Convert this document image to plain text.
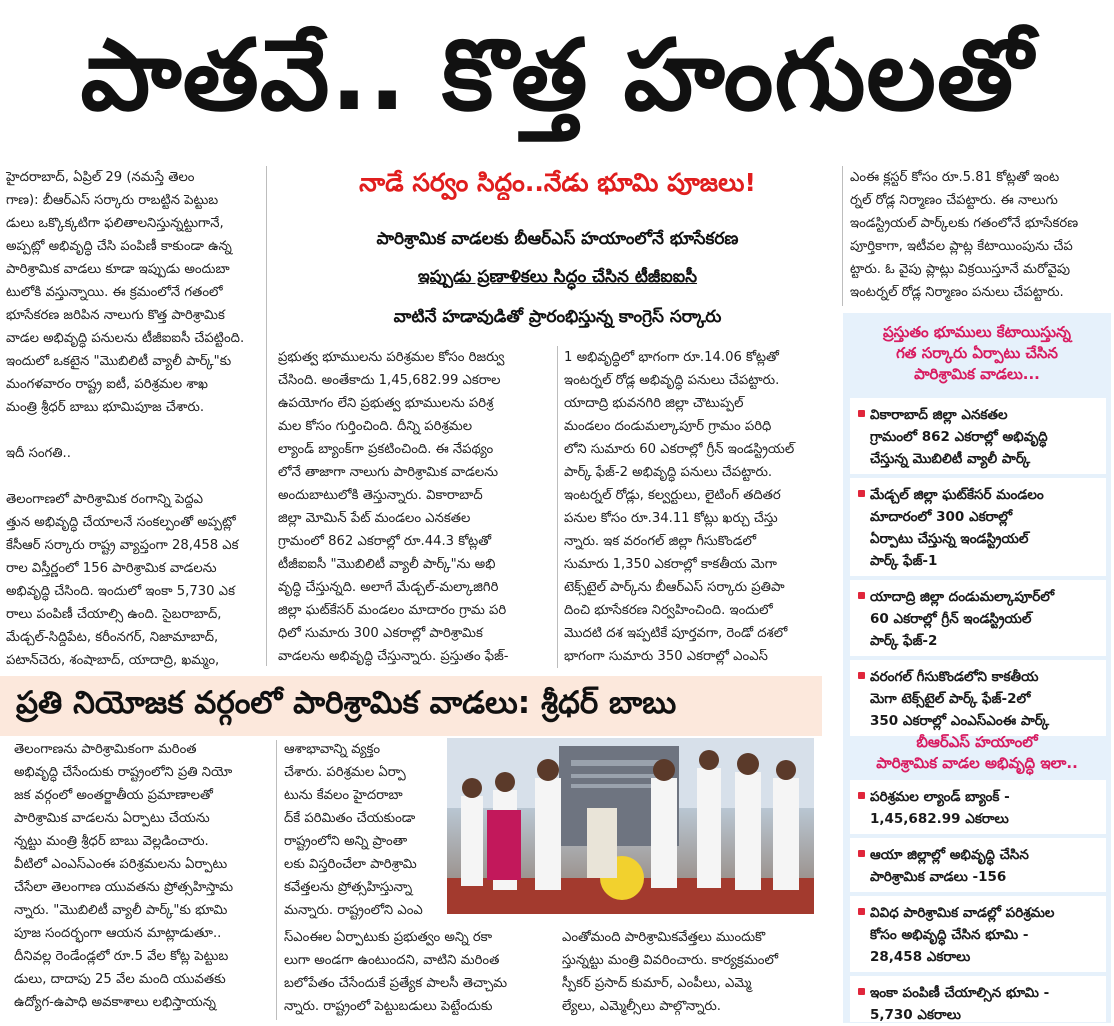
పాతవే.. కొత్త హంగులతో
హైదరాబాద్, ఏప్రిల్ 29 (నమస్తే తెలం
గాణ): బీఆర్ఎస్ సర్కారు రాబట్టిన పెట్టుబ
డులు ఒక్కొక్కటిగా ఫలితాలనిస్తున్నట్టుగానే,
అప్పట్లో అభివృద్ధి చేసి పంపిణీ కాకుండా ఉన్న
పారిశ్రామిక వాడలు కూడా ఇప్పుడు అందుబా
టులోకి వస్తున్నాయి. ఈ క్రమంలోనే గతంలో
భూసేకరణ జరిపిన నాలుగు కొత్త పారిశ్రామిక
వాడల అభివృద్ధి పనులను టీజీఐఐసీ చేపట్టింది.
ఇందులో ఒకటైన "మొబిలిటీ వ్యాలీ పార్క్"కు
మంగళవారం రాష్ట్ర ఐటీ, పరిశ్రమల శాఖ
మంత్రి శ్రీధర్ బాబు భూమిపూజ చేశారు.

ఇదీ సంగతి..

తెలంగాణలో పారిశ్రామిక రంగాన్ని పెద్దఎ
త్తున అభివృద్ధి చేయాలనే సంకల్పంతో అప్పట్లో
కేసీఆర్ సర్కారు రాష్ట్ర వ్యాప్తంగా 28,458 ఎక
రాల విస్తీర్ణంలో 156 పారిశ్రామిక వాడలను
అభివృద్ధి చేసింది. ఇందులో ఇంకా 5,730 ఎక
రాలు పంపిణీ చేయాల్సి ఉంది. సైబరాబాద్,
మేడ్చల్-సిద్దిపేట, కరీంనగర్, నిజామాబాద్,
పటాన్‌చెరు, శంషాబాద్, యాదాద్రి, ఖమ్మం,

నాడే సర్వం సిద్ధం..నేడు భూమి పూజలు!
పారిశ్రామిక వాడలకు బీఆర్ఎస్ హయాంలోనే భూసేకరణ
ఇప్పుడు ప్రణాళికలు సిద్ధం చేసిన టీజీఐఐసీ
వాటినే హడావుడితో ప్రారంభిస్తున్న కాంగ్రెస్ సర్కారు
ప్రభుత్వ భూములను పరిశ్రమల కోసం రిజర్వు
చేసింది. అంతేకాదు 1,45,682.99 ఎకరాల
ఉపయోగం లేని ప్రభుత్వ భూములను పరిశ్ర
మల కోసం గుర్తించింది. దీన్ని పరిశ్రమల
ల్యాండ్ బ్యాంక్‌గా ప్రకటించింది. ఈ నేపథ్యం
లోనే తాజాగా నాలుగు పారిశ్రామిక వాడలను
అందుబాటులోకి తెస్తున్నారు. వికారాబాద్
జిల్లా మోమిన్ పేట్ మండలం ఎనకతల
గ్రామంలో 862 ఎకరాల్లో రూ.44.3 కోట్లతో
టీజీఐఐసీ "మొబిలిటీ వ్యాలీ పార్క్"ను అభి
వృద్ధి చేస్తున్నది. అలాగే మేడ్చల్-మల్కాజిగిరి
జిల్లా ఘట్‌కేసర్ మండలం మాదారం గ్రామ పరి
ధిలో సుమారు 300 ఎకరాల్లో పారిశ్రామిక
వాడలను అభివృద్ధి చేస్తున్నారు. ప్రస్తుతం ఫేజ్-
1 అభివృద్ధిలో భాగంగా రూ.14.06 కోట్లతో
ఇంటర్నల్ రోడ్ల అభివృద్ధి పనులు చేపట్టారు.
యాదాద్రి భువనగిరి జిల్లా చౌటుప్పల్
మండలం దండుమల్కాపూర్ గ్రామం పరిధి
లోని సుమారు 60 ఎకరాల్లో గ్రీన్ ఇండస్ట్రియల్
పార్క్ ఫేజ్-2 అభివృద్ధి పనులు చేపట్టారు.
ఇంటర్నల్ రోడ్లు, కల్వర్టులు, లైటింగ్ తదితర
పనుల కోసం రూ.34.11 కోట్లు ఖర్చు చేస్తు
న్నారు. ఇక వరంగల్ జిల్లా గీసుకొండలో
సుమారు 1,350 ఎకరాల్లో కాకతీయ మెగా
టెక్స్‌టైల్ పార్క్‌ను బీఆర్ఎస్ సర్కారు ప్రతిపా
దించి భూసేకరణ నిర్వహించింది. ఇందులో
మొదటి దశ ఇప్పటికే పూర్తవగా, రెండో దశలో
భాగంగా సుమారు 350 ఎకరాల్లో ఎంఎస్
ఎంఈ క్లస్టర్ కోసం రూ.5.81 కోట్లతో ఇంట
ర్నల్ రోడ్ల నిర్మాణం చేపట్టారు. ఈ నాలుగు
ఇండస్ట్రియల్ పార్క్‌లకు గతంలోనే భూసేకరణ
పూర్తికాగా, ఇటీవల ప్లాట్ల కేటాయింపును చేప
ట్టారు. ఓ వైపు ప్లాట్లు విక్రయిస్తూనే మరోవైపు
ఇంటర్నల్ రోడ్ల నిర్మాణం పనులు చేపట్టారు.
ప్రతి నియోజక వర్గంలో పారిశ్రామిక వాడలు: శ్రీధర్ బాబు
తెలంగాణను పారిశ్రామికంగా మరింత
అభివృద్ధి చేసేందుకు రాష్ట్రంలోని ప్రతి నియో
జక వర్గంలో అంతర్జాతీయ ప్రమాణాలతో
పారిశ్రామిక వాడలను ఏర్పాటు చేయను
న్నట్టు మంత్రి శ్రీధర్ బాబు వెల్లడించారు.
వీటిలో ఎంఎస్ఎంఈ పరిశ్రమలను ఏర్పాటు
చేసేలా తెలంగాణ యువతను ప్రోత్సహిస్తామ
న్నారు. "మొబిలిటీ వ్యాలీ పార్క్"కు భూమి
పూజ సందర్భంగా ఆయన మాట్లాడుతూ..
దీనివల్ల రెండేండ్లలో రూ.5 వేల కోట్ల పెట్టుబ
డులు, దాదాపు 25 వేల మంది యువతకు
ఉద్యోగ-ఉపాధి అవకాశాలు లభిస్తాయన్న
ఆశాభావాన్ని వ్యక్తం
చేశారు. పరిశ్రమల ఏర్పా
టును కేవలం హైదరాబా
ద్‌కే పరిమితం చేయకుండా
రాష్ట్రంలోని అన్ని ప్రాంతా
లకు విస్తరించేలా పారిశ్రామి
కవేత్తలను ప్రోత్సహిస్తున్నా
మన్నారు. రాష్ట్రంలోని ఎంఎ
స్ఎంఈల ఏర్పాటుకు ప్రభుత్వం అన్ని రకా
లుగా అండగా ఉంటుందని, వాటిని మరింత
బలోపేతం చేసేందుకే ప్రత్యేక పాలసీ తెచ్చామ
న్నారు. రాష్ట్రంలో పెట్టుబడులు పెట్టేందుకు
ఎంతోమంది పారిశ్రామికవేత్తలు ముందుకొ
స్తున్నట్టు మంత్రి వివరించారు. కార్యక్రమంలో
స్పీకర్ ప్రసాద్ కుమార్, ఎంపీలు, ఎమ్మె
ల్యేలు, ఎమ్మెల్సీలు పాల్గొన్నారు.
ప్రస్తుతం భూములు కేటాయిస్తున్న
గత సర్కారు ఏర్పాటు చేసిన
పారిశ్రామిక వాడలు...
వికారాబాద్ జిల్లా ఎనకతల
గ్రామంలో 862 ఎకరాల్లో అభివృద్ధి
చేస్తున్న మొబిలిటీ వ్యాలీ పార్క్
మేడ్చల్ జిల్లా ఘట్‌కేసర్ మండలం
మాదారంలో 300 ఎకరాల్లో
ఏర్పాటు చేస్తున్న ఇండస్ట్రియల్
పార్క్ ఫేజ్-1
యాదాద్రి జిల్లా దండుమల్కాపూర్‌లో
60 ఎకరాల్లో గ్రీన్ ఇండస్ట్రియల్
పార్క్ ఫేజ్-2
వరంగల్ గీసుకొండలోని కాకతీయ
మెగా టెక్స్‌టైల్ పార్క్ ఫేజ్-2లో
350 ఎకరాల్లో ఎంఎస్ఎంఈ పార్క్
బీఆర్ఎస్ హయాంలో
పారిశ్రామిక వాడల అభివృద్ధి ఇలా..
పరిశ్రమల ల్యాండ్ బ్యాంక్ -
1,45,682.99 ఎకరాలు
ఆయా జిల్లాల్లో అభివృద్ధి చేసిన
పారిశ్రామిక వాడలు -156
వివిధ పారిశ్రామిక వాడల్లో పరిశ్రమల
కోసం అభివృద్ధి చేసిన భూమి -
28,458 ఎకరాలు
ఇంకా పంపిణీ చేయాల్సిన భూమి -
5,730 ఎకరాలు
